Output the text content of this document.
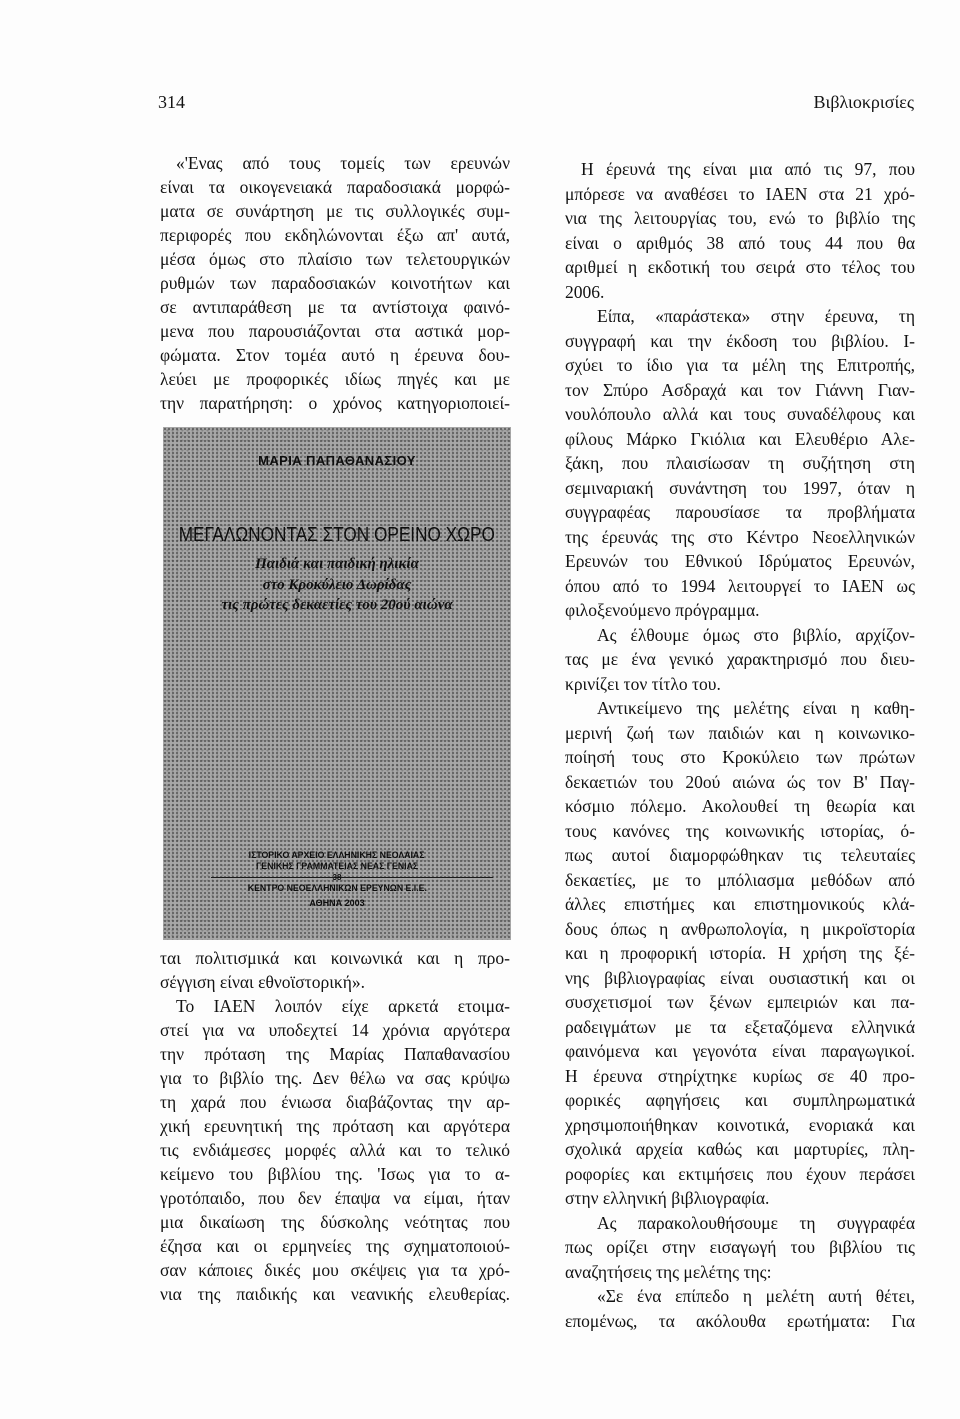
314	Βιβλιοκρισίες
«'Ενας από τους τομείς των ερευνών
είναι τα οικογενειακά παραδοσιακά μορφώ-
ματα σε συνάρτηση με τις συλλογικές συμ-
περιφορές που εκδηλώνονται έξω απ' αυτά,
μέσα όμως στο πλαίσιο των τελετουργικών
ρυθμών των παραδοσιακών κοινοτήτων και
σε αντιπαράθεση με τα αντίστοιχα φαινό-
μενα που παρουσιάζονται στα αστικά μορ-
φώματα. Στον τομέα αυτό η έρευνα δου-
λεύει με προφορικές ιδίως πηγές και με
την παρατήρηση: ο χρόνος κατηγοριοποιεί-
ΜΑΡΙΑ ΠΑΠΑΘΑΝΑΣΙΟΥ
ΜΕΓΑΛΩΝΟΝΤΑΣ ΣΤΟΝ ΟΡΕΙΝΟ ΧΩΡΟ
Παιδιά και παιδική ηλικία
στο Κροκύλειο Δωρίδας
τις πρώτες δεκαετίες του 20ού αιώνα
ΙΣΤΟΡΙΚΟ ΑΡΧΕΙΟ ΕΛΛΗΝΙΚΗΣ ΝΕΟΛΑΙΑΣ
ΓΕΝΙΚΗΣ ΓΡΑΜΜΑΤΕΙΑΣ ΝΕΑΣ ΓΕΝΙΑΣ
38
ΚΕΝΤΡΟ ΝΕΟΕΛΛΗΝΙΚΩΝ ΕΡΕΥΝΩΝ Ε.Ι.Ε.
ΑΘΗΝΑ 2003
ται πολιτισμικά και κοινωνικά και η προ-
σέγγιση είναι εθνοϊστορική».
Το ΙΑΕΝ λοιπόν είχε αρκετά ετοιμα-
στεί για να υποδεχτεί 14 χρόνια αργότερα
την πρόταση της Μαρίας Παπαθανασίου
για το βιβλίο της. Δεν θέλω να σας κρύψω
τη χαρά που ένιωσα διαβάζοντας την αρ-
χική ερευνητική της πρόταση και αργότερα
τις ενδιάμεσες μορφές αλλά και το τελικό
κείμενο του βιβλίου της. 'Ισως για το α-
γροτόπαιδο, που δεν έπαψα να είμαι, ήταν
μια δικαίωση της δύσκολης νεότητας που
έζησα και οι ερμηνείες της σχηματοποιού-
σαν κάποιες δικές μου σκέψεις για τα χρό-
νια της παιδικής και νεανικής ελευθερίας.
Η έρευνά της είναι μια από τις 97, που
μπόρεσε να αναθέσει το ΙΑΕΝ στα 21 χρό-
νια της λειτουργίας του, ενώ το βιβλίο της
είναι ο αριθμός 38 από τους 44 που θα
αριθμεί η εκδοτική του σειρά στο τέλος του
2006.
Είπα, «παράστεκα» στην έρευνα, τη
συγγραφή και την έκδοση του βιβλίου. Ι-
σχύει το ίδιο για τα μέλη της Επιτροπής,
τον Σπύρο Ασδραχά και τον Γιάννη Γιαν-
νουλόπουλο αλλά και τους συναδέλφους και
φίλους Μάρκο Γκιόλια και Ελευθέριο Αλε-
ξάκη, που πλαισίωσαν τη συζήτηση στη
σεμιναριακή συνάντηση του 1997, όταν η
συγγραφέας παρουσίασε τα προβλήματα
της έρευνάς της στο Κέντρο Νεοελληνικών
Ερευνών του Εθνικού Ιδρύματος Ερευνών,
όπου από το 1994 λειτουργεί το ΙΑΕΝ ως
φιλοξενούμενο πρόγραμμα.
Ας έλθουμε όμως στο βιβλίο, αρχίζον-
τας με ένα γενικό χαρακτηρισμό που διευ-
κρινίζει τον τίτλο του.
Αντικείμενο της μελέτης είναι η καθη-
μερινή ζωή των παιδιών και η κοινωνικο-
ποίησή τους στο Κροκύλειο των πρώτων
δεκαετιών του 20ού αιώνα ώς τον Β' Παγ-
κόσμιο πόλεμο. Ακολουθεί τη θεωρία και
τους κανόνες της κοινωνικής ιστορίας, ό-
πως αυτοί διαμορφώθηκαν τις τελευταίες
δεκαετίες, με το μπόλιασμα μεθόδων από
άλλες επιστήμες και επιστημονικούς κλά-
δους όπως η ανθρωπολογία, η μικροϊστορία
και η προφορική ιστορία. Η χρήση της ξέ-
νης βιβλιογραφίας είναι ουσιαστική και οι
συσχετισμοί των ξένων εμπειριών και πα-
ραδειγμάτων με τα εξεταζόμενα ελληνικά
φαινόμενα και γεγονότα είναι παραγωγικοί.
Η έρευνα στηρίχτηκε κυρίως σε 40 προ-
φορικές αφηγήσεις και συμπληρωματικά
χρησιμοποιήθηκαν κοινοτικά, ενοριακά και
σχολικά αρχεία καθώς και μαρτυρίες, πλη-
ροφορίες και εκτιμήσεις που έχουν περάσει
στην ελληνική βιβλιογραφία.
Ας παρακολουθήσουμε τη συγγραφέα
πως ορίζει στην εισαγωγή του βιβλίου τις
αναζητήσεις της μελέτης της:
«Σε ένα επίπεδο η μελέτη αυτή θέτει,
επομένως, τα ακόλουθα ερωτήματα: Για
